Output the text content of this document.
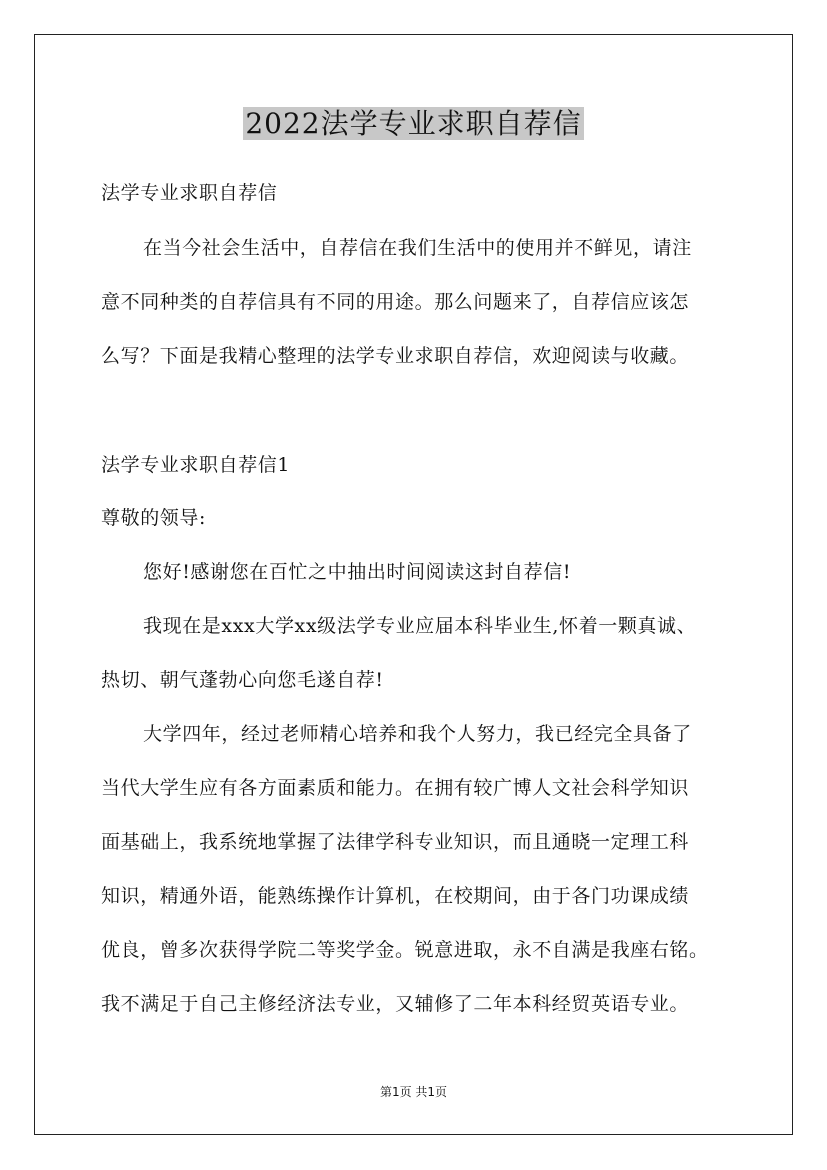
2022法学专业求职自荐信
法学专业求职自荐信
在当今社会生活中，自荐信在我们生活中的使用并不鲜见，请注
意不同种类的自荐信具有不同的用途。那么问题来了，自荐信应该怎
么写？下面是我精心整理的法学专业求职自荐信，欢迎阅读与收藏。
法学专业求职自荐信1
尊敬的领导:
您好!感谢您在百忙之中抽出时间阅读这封自荐信!
我现在是xxx大学xx级法学专业应届本科毕业生,怀着一颗真诚、
热切、朝气蓬勃心向您毛遂自荐!
大学四年，经过老师精心培养和我个人努力，我已经完全具备了
当代大学生应有各方面素质和能力。在拥有较广博人文社会科学知识
面基础上，我系统地掌握了法律学科专业知识，而且通晓一定理工科
知识，精通外语，能熟练操作计算机，在校期间，由于各门功课成绩
优良，曾多次获得学院二等奖学金。锐意进取，永不自满是我座右铭。
我不满足于自己主修经济法专业，又辅修了二年本科经贸英语专业。
第1页 共1页
